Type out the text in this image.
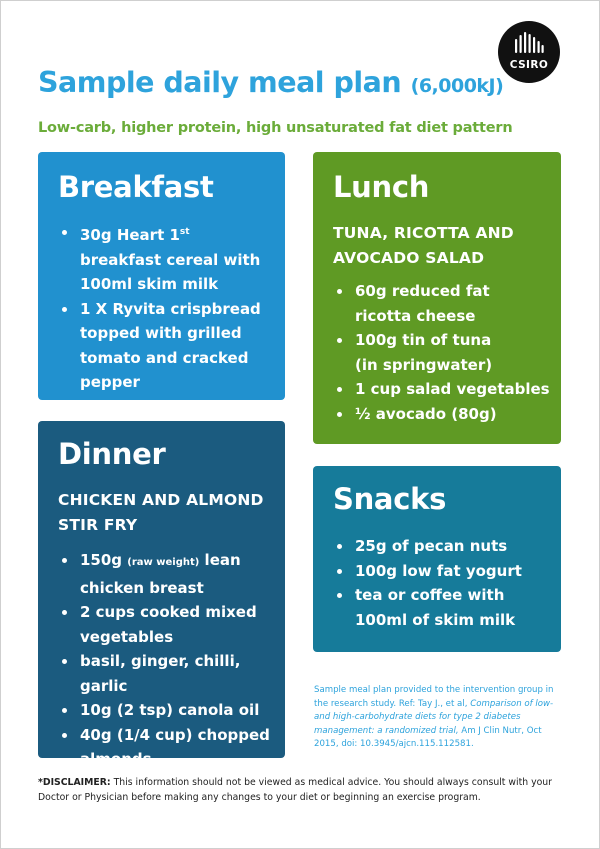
CSIRO
Sample daily meal plan (6,000kJ)
Low-carb, higher protein, high unsaturated fat diet pattern
Breakfast
30g Heart 1st breakfast cereal with 100ml skim milk
1 X Ryvita crispbread topped with grilled tomato and cracked pepper
Lunch
TUNA, RICOTTA AND
AVOCADO SALAD
60g reduced fat ricotta cheese
100g tin of tuna
(in springwater)
1 cup salad vegetables
½ avocado (80g)
Dinner
CHICKEN AND ALMOND
STIR FRY
150g (raw weight) lean chicken breast
2 cups cooked mixed vegetables
basil, ginger, chilli, garlic
10g (2 tsp) canola oil
40g (1/4 cup) chopped almonds
Snacks
25g of pecan nuts
100g low fat yogurt
tea or coffee with 100ml of skim milk
Sample meal plan provided to the intervention group in the research study. Ref: Tay J., et al, Comparison of low- and high-carbohydrate diets for type 2 diabetes management: a randomized trial, Am J Clin Nutr, Oct 2015, doi: 10.3945/ajcn.115.112581.
*DISCLAIMER: This information should not be viewed as medical advice. You should always consult with your Doctor or Physician before making any changes to your diet or beginning an exercise program.
